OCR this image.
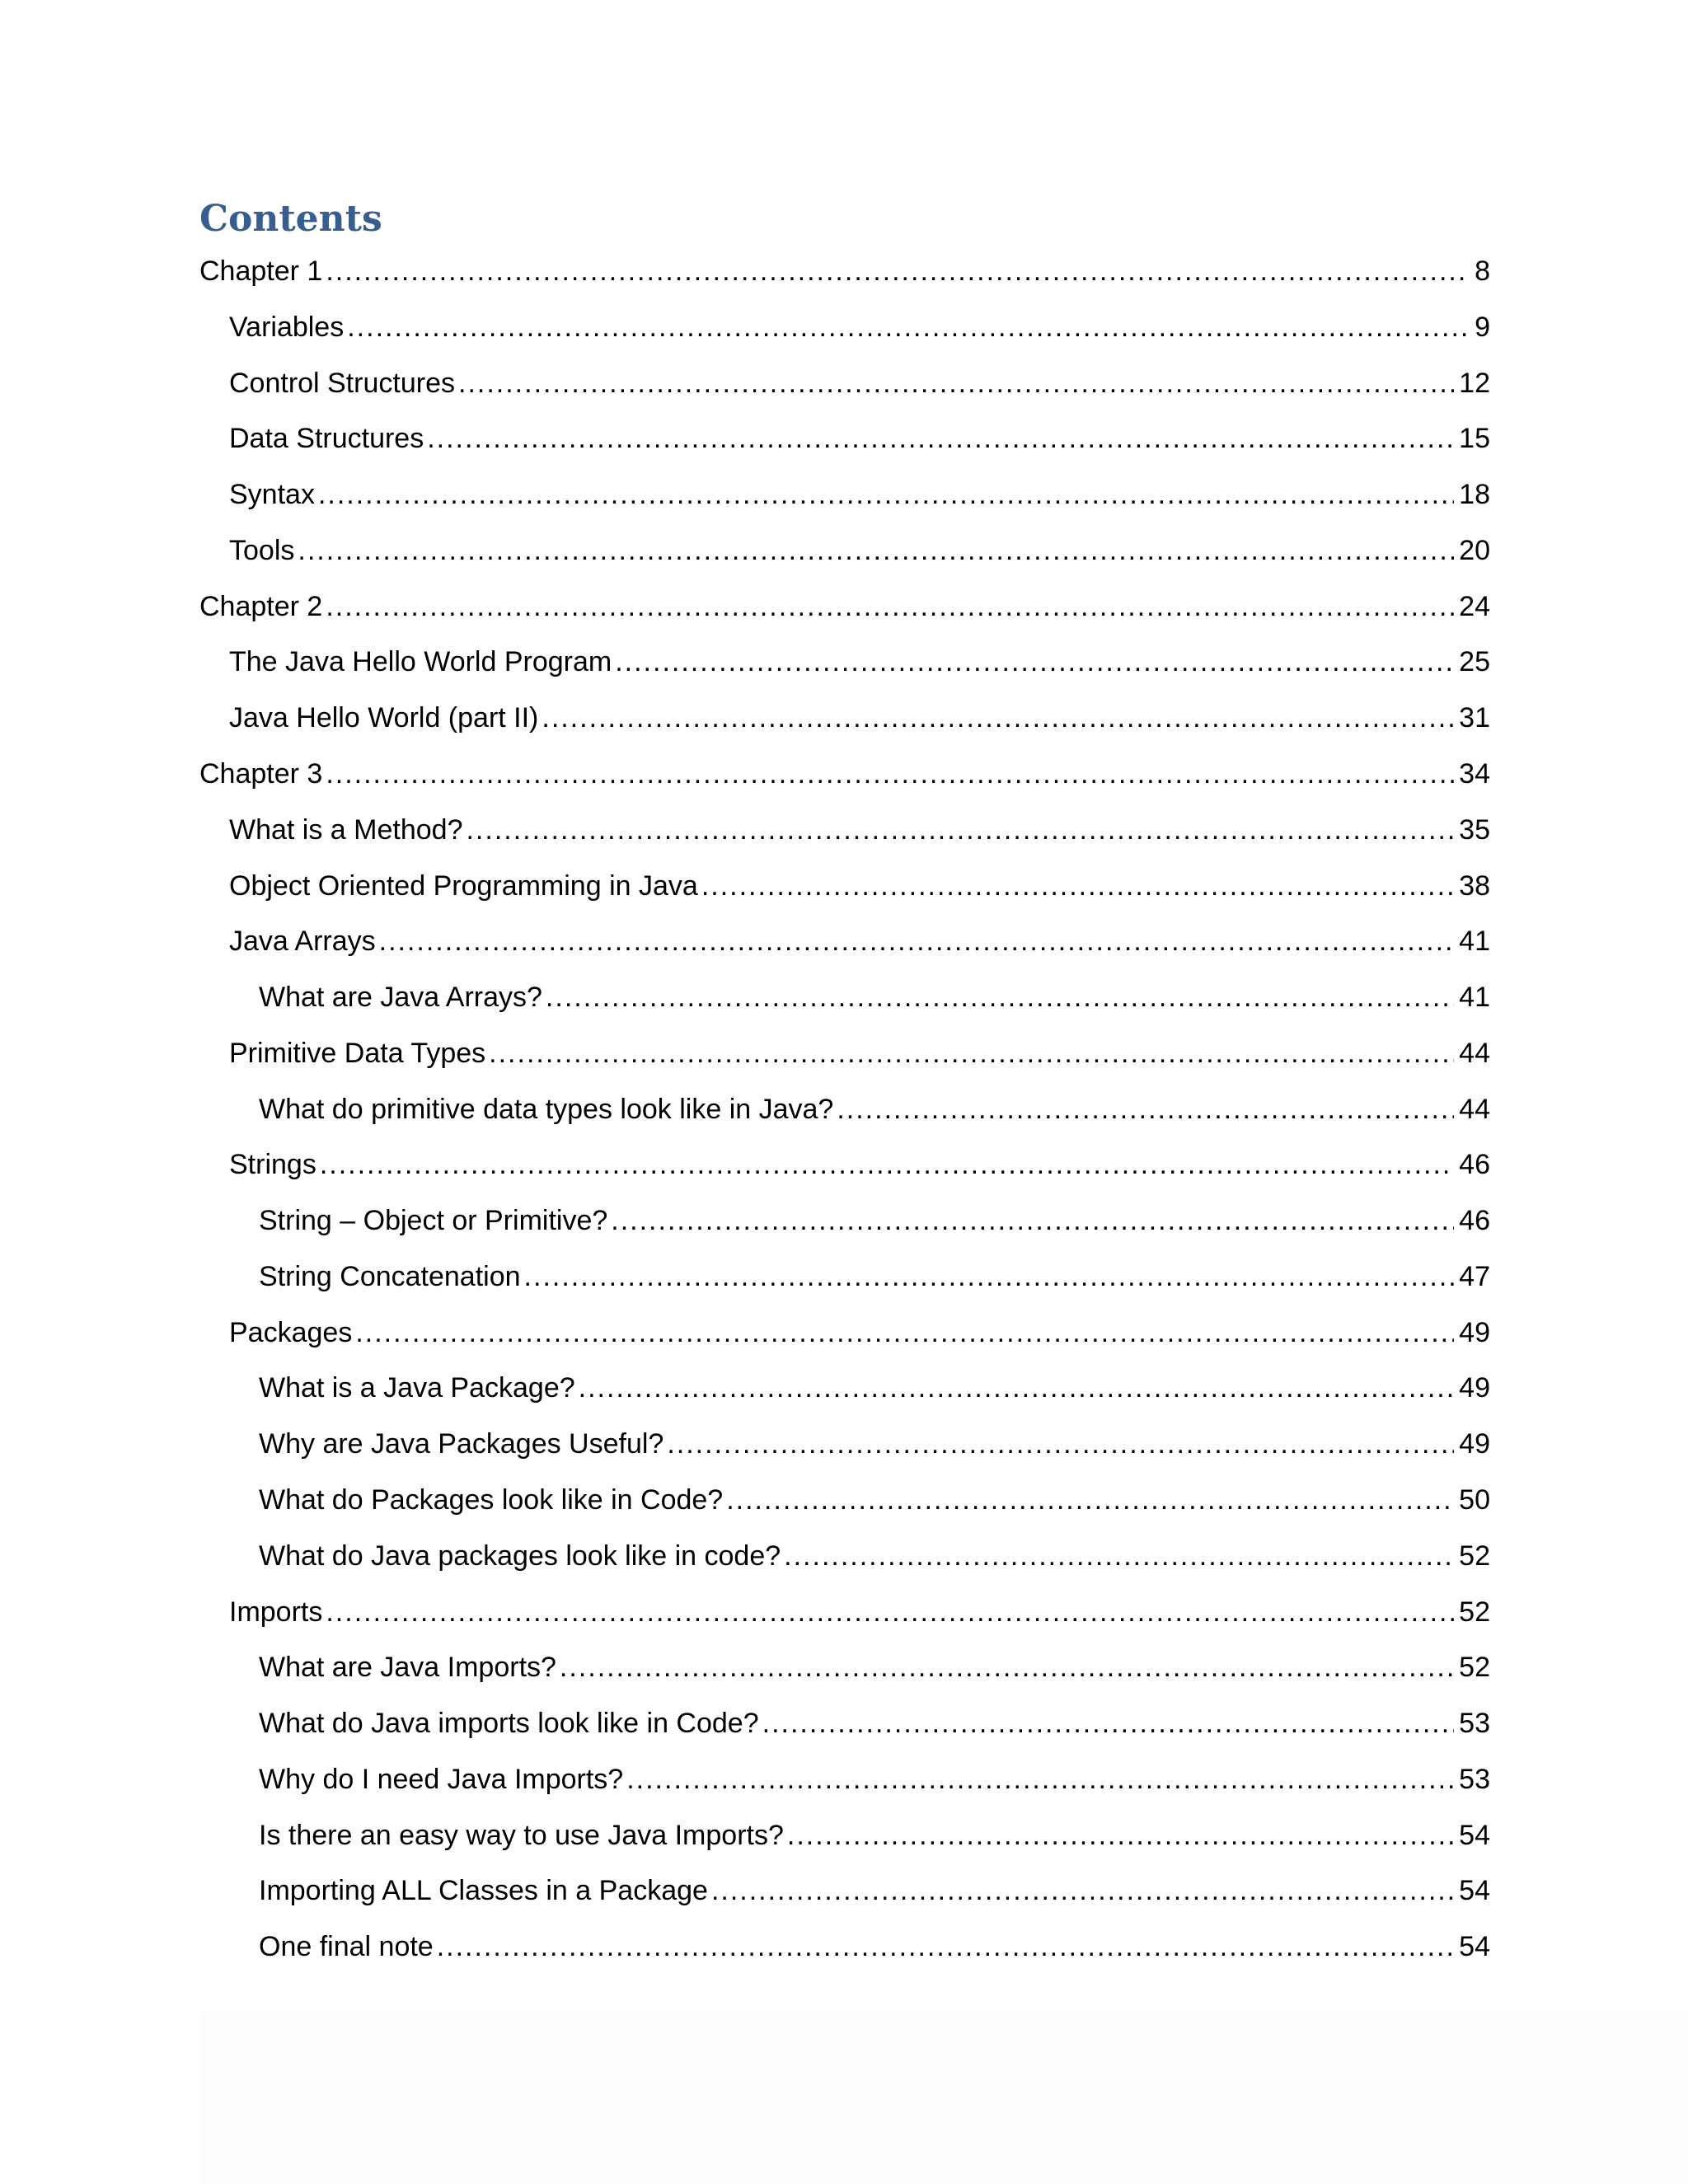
Contents
Chapter 1 .....	8
Variables .....	9
Control Structures .....	12
Data Structures .....	15
Syntax .....	18
Tools .....	20
Chapter 2 .....	24
The Java Hello World Program .....	25
Java Hello World (part II) .....	31
Chapter 3 .....	34
What is a Method? .....	35
Object Oriented Programming in Java .....	38
Java Arrays .....	41
What are Java Arrays? .....	41
Primitive Data Types .....	44
What do primitive data types look like in Java? .....	44
Strings .....	46
String – Object or Primitive? .....	46
String Concatenation .....	47
Packages .....	49
What is a Java Package? .....	49
Why are Java Packages Useful? .....	49
What do Packages look like in Code? .....	50
What do Java packages look like in code? .....	52
Imports .....	52
What are Java Imports? .....	52
What do Java imports look like in Code? .....	53
Why do I need Java Imports? .....	53
Is there an easy way to use Java Imports? .....	54
Importing ALL Classes in a Package .....	54
One final note .....	54
